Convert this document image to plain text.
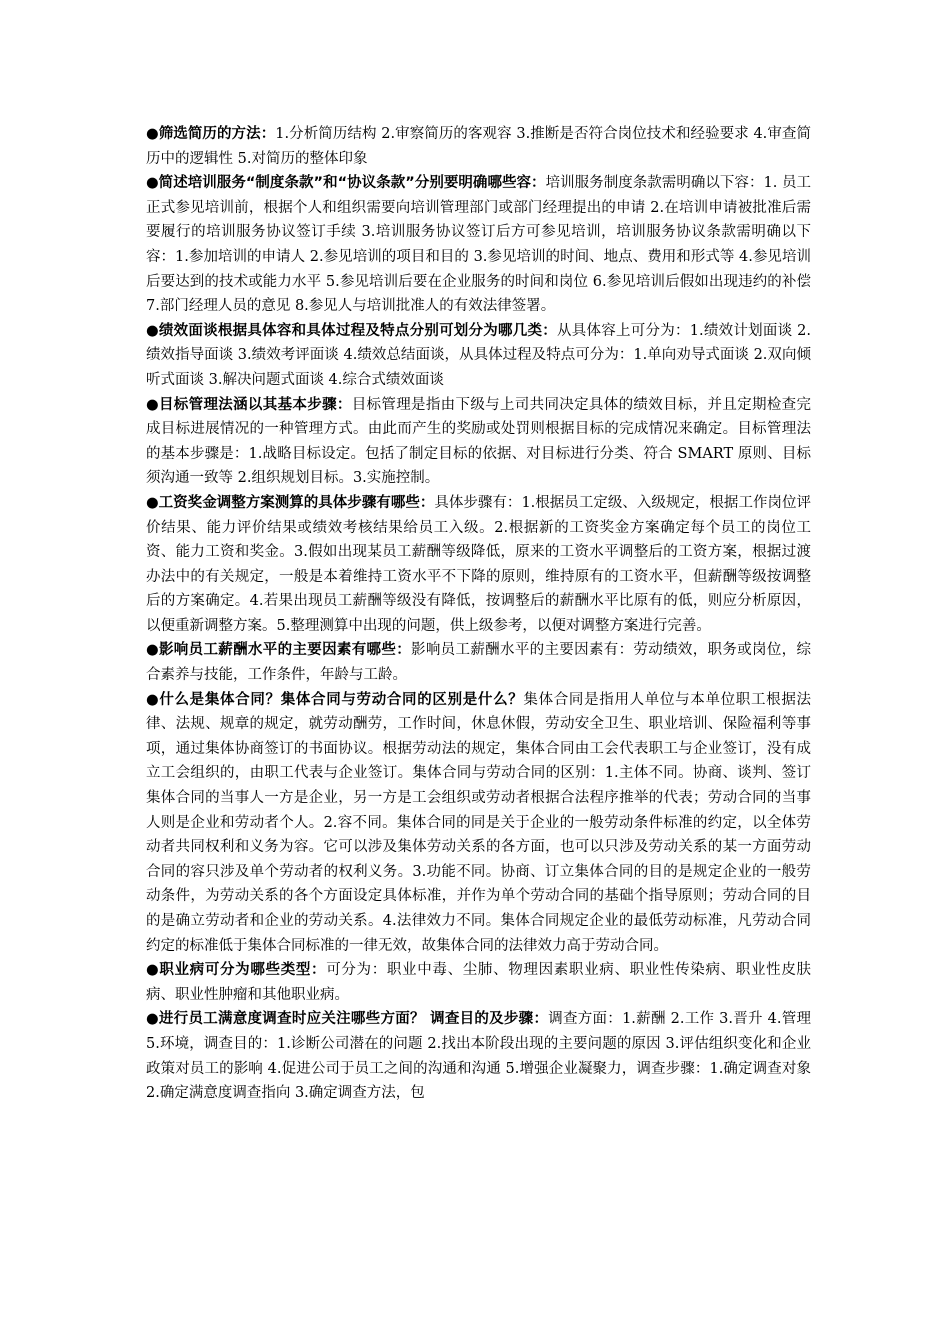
●筛选简历的方法：1.分析简历结构 2.审察简历的客观容 3.推断是否符合岗位技术和经验要求 4.审查简历中的逻辑性 5.对简历的整体印象

●简述培训服务“制度条款”和“协议条款”分别要明确哪些容：培训服务制度条款需明确以下容：1. 员工正式参见培训前，根据个人和组织需要向培训管理部门或部门经理提出的申请 2.在培训申请被批准后需要履行的培训服务协议签订手续 3.培训服务协议签订后方可参见培训，培训服务协议条款需明确以下容：1.参加培训的申请人 2.参见培训的项目和目的 3.参见培训的时间、地点、费用和形式等 4.参见培训后要达到的技术或能力水平 5.参见培训后要在企业服务的时间和岗位 6.参见培训后假如出现违约的补偿 7.部门经理人员的意见 8.参见人与培训批准人的有效法律签署。

●绩效面谈根据具体容和具体过程及特点分别可划分为哪几类：从具体容上可分为：1.绩效计划面谈 2.绩效指导面谈 3.绩效考评面谈 4.绩效总结面谈，从具体过程及特点可分为：1.单向劝导式面谈 2.双向倾听式面谈 3.解决问题式面谈 4.综合式绩效面谈

●目标管理法涵以其基本步骤：目标管理是指由下级与上司共同决定具体的绩效目标，并且定期检查完成目标进展情况的一种管理方式。由此而产生的奖励或处罚则根据目标的完成情况来确定。目标管理法的基本步骤是：1.战略目标设定。包括了制定目标的依据、对目标进行分类、符合 SMART 原则、目标须沟通一致等 2.组织规划目标。3.实施控制。

●工资奖金调整方案测算的具体步骤有哪些：具体步骤有：1.根据员工定级、入级规定，根据工作岗位评价结果、能力评价结果或绩效考核结果给员工入级。2.根据新的工资奖金方案确定每个员工的岗位工资、能力工资和奖金。3.假如出现某员工薪酬等级降低，原来的工资水平调整后的工资方案，根据过渡办法中的有关规定，一般是本着维持工资水平不下降的原则，维持原有的工资水平，但薪酬等级按调整后的方案确定。4.若果出现员工薪酬等级没有降低，按调整后的薪酬水平比原有的低，则应分析原因，以便重新调整方案。5.整理测算中出现的问题，供上级参考，以便对调整方案进行完善。

●影响员工薪酬水平的主要因素有哪些：影响员工薪酬水平的主要因素有：劳动绩效，职务或岗位，综合素养与技能，工作条件，年龄与工龄。

●什么是集体合同？集体合同与劳动合同的区别是什么？集体合同是指用人单位与本单位职工根据法律、法规、规章的规定，就劳动酬劳，工作时间，休息休假，劳动安全卫生、职业培训、保险福利等事项，通过集体协商签订的书面协议。根据劳动法的规定，集体合同由工会代表职工与企业签订，没有成立工会组织的，由职工代表与企业签订。集体合同与劳动合同的区别：1.主体不同。协商、谈判、签订集体合同的当事人一方是企业，另一方是工会组织或劳动者根据合法程序推举的代表；劳动合同的当事人则是企业和劳动者个人。2.容不同。集体合同的同是关于企业的一般劳动条件标准的约定，以全体劳动者共同权利和义务为容。它可以涉及集体劳动关系的各方面，也可以只涉及劳动关系的某一方面劳动合同的容只涉及单个劳动者的权利义务。3.功能不同。协商、订立集体合同的目的是规定企业的一般劳动条件，为劳动关系的各个方面设定具体标准，并作为单个劳动合同的基础个指导原则；劳动合同的目的是确立劳动者和企业的劳动关系。4.法律效力不同。集体合同规定企业的最低劳动标准，凡劳动合同约定的标准低于集体合同标准的一律无效，故集体合同的法律效力高于劳动合同。

●职业病可分为哪些类型：可分为：职业中毒、尘肺、物理因素职业病、职业性传染病、职业性皮肤病、职业性肿瘤和其他职业病。

●进行员工满意度调查时应关注哪些方面？ 调查目的及步骤：调查方面：1.薪酬 2.工作 3.晋升 4.管理 5.环境，调查目的：1.诊断公司潜在的问题 2.找出本阶段出现的主要问题的原因 3.评估组织变化和企业政策对员工的影响 4.促进公司于员工之间的沟通和沟通 5.增强企业凝聚力，调查步骤：1.确定调查对象 2.确定满意度调查指向 3.确定调查方法，包
